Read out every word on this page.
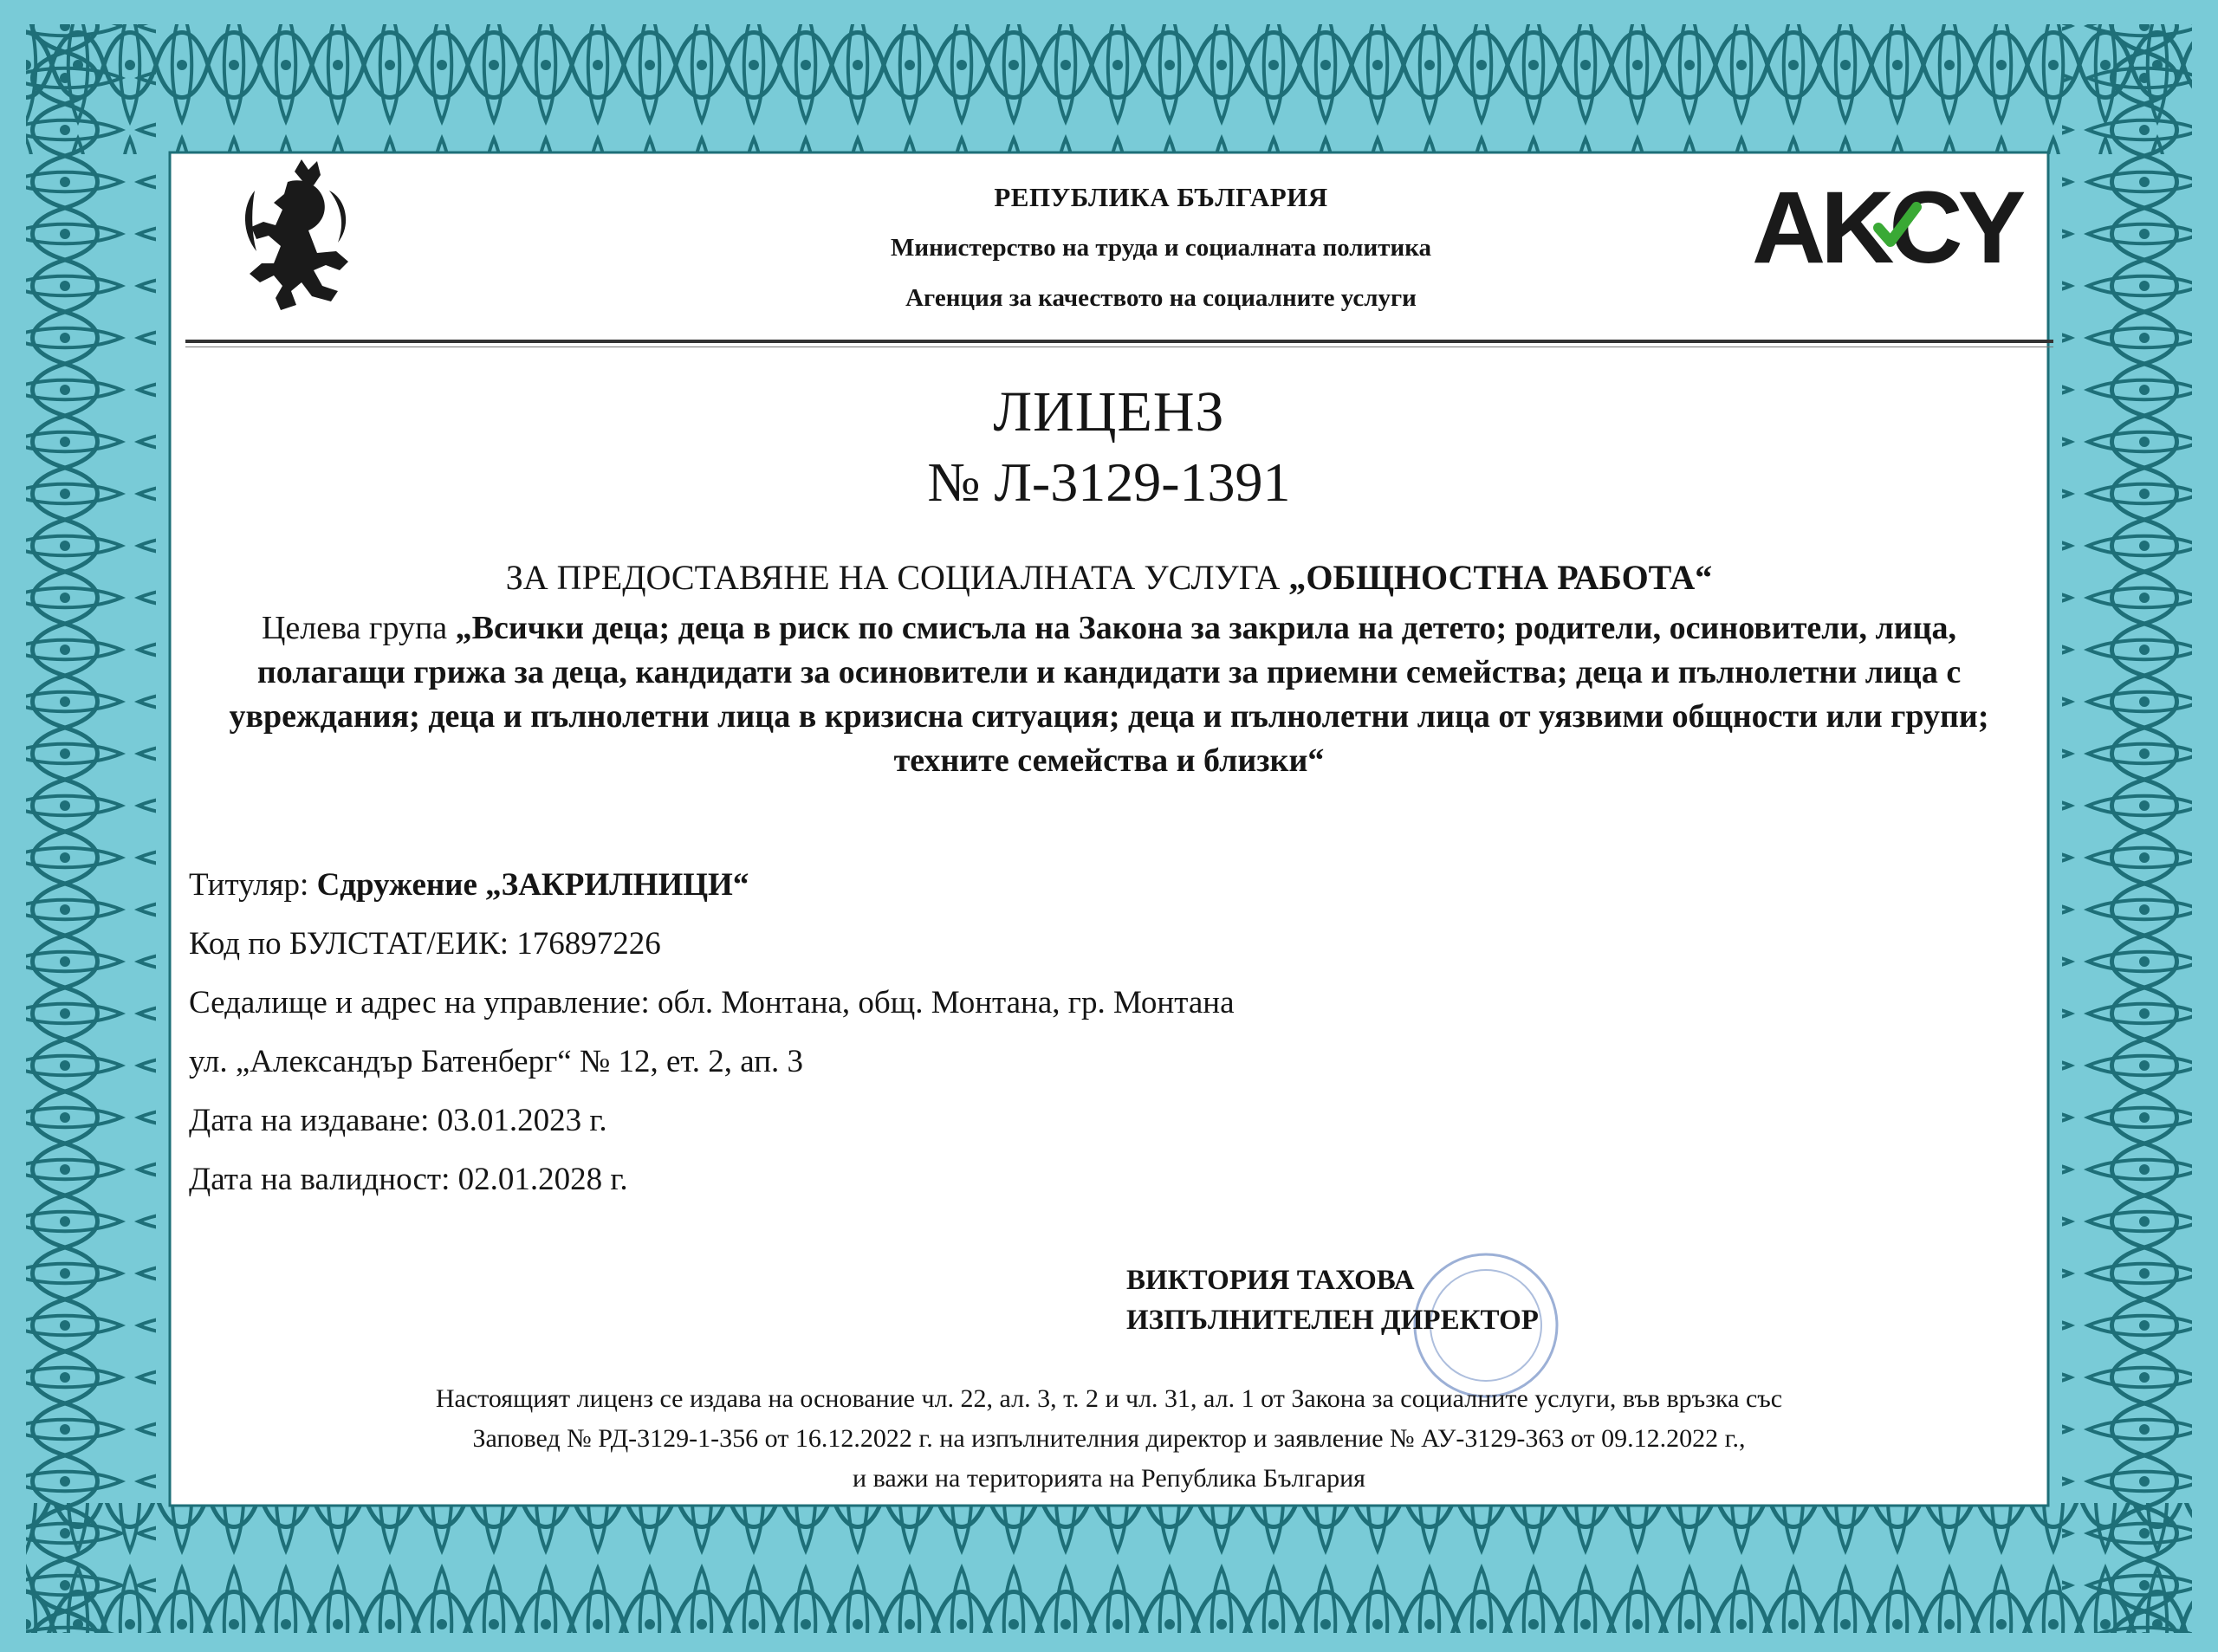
РЕПУБЛИКА БЪЛГАРИЯ
Министерство на труда и социалната политика
Агенция за качеството на социалните услуги
AKCY
ЛИЦЕНЗ
№ Л-3129-1391
ЗА ПРЕДОСТАВЯНЕ НА СОЦИАЛНАТА УСЛУГА „ОБЩНОСТНА РАБОТА“
Целева група „Всички деца; деца в риск по смисъла на Закона за закрила на детето; родители, осиновители, лица, полагащи грижа за деца, кандидати за осиновители и кандидати за приемни семейства; деца и пълнолетни лица с увреждания; деца и пълнолетни лица в кризисна ситуация; деца и пълнолетни лица от уязвими общности или групи; техните семейства и близки“
Титуляр: Сдружение „ЗАКРИЛНИЦИ“
Код по БУЛСТАТ/ЕИК: 176897226
Седалище и адрес на управление: обл. Монтана, общ. Монтана, гр. Монтана
ул. „Александър Батенберг“ № 12, ет. 2, ап. 3
Дата на издаване: 03.01.2023 г.
Дата на валидност: 02.01.2028 г.
ВИКТОРИЯ ТАХОВА
ИЗПЪЛНИТЕЛЕН ДИРЕКТОР
Настоящият лиценз се издава на основание чл. 22, ал. 3, т. 2 и чл. 31, ал. 1 от Закона за социалните услуги, във връзка със
Заповед № РД-3129-1-356 от 16.12.2022 г. на изпълнителния директор и заявление № АУ-3129-363 от 09.12.2022 г.,
и важи на територията на Република България
